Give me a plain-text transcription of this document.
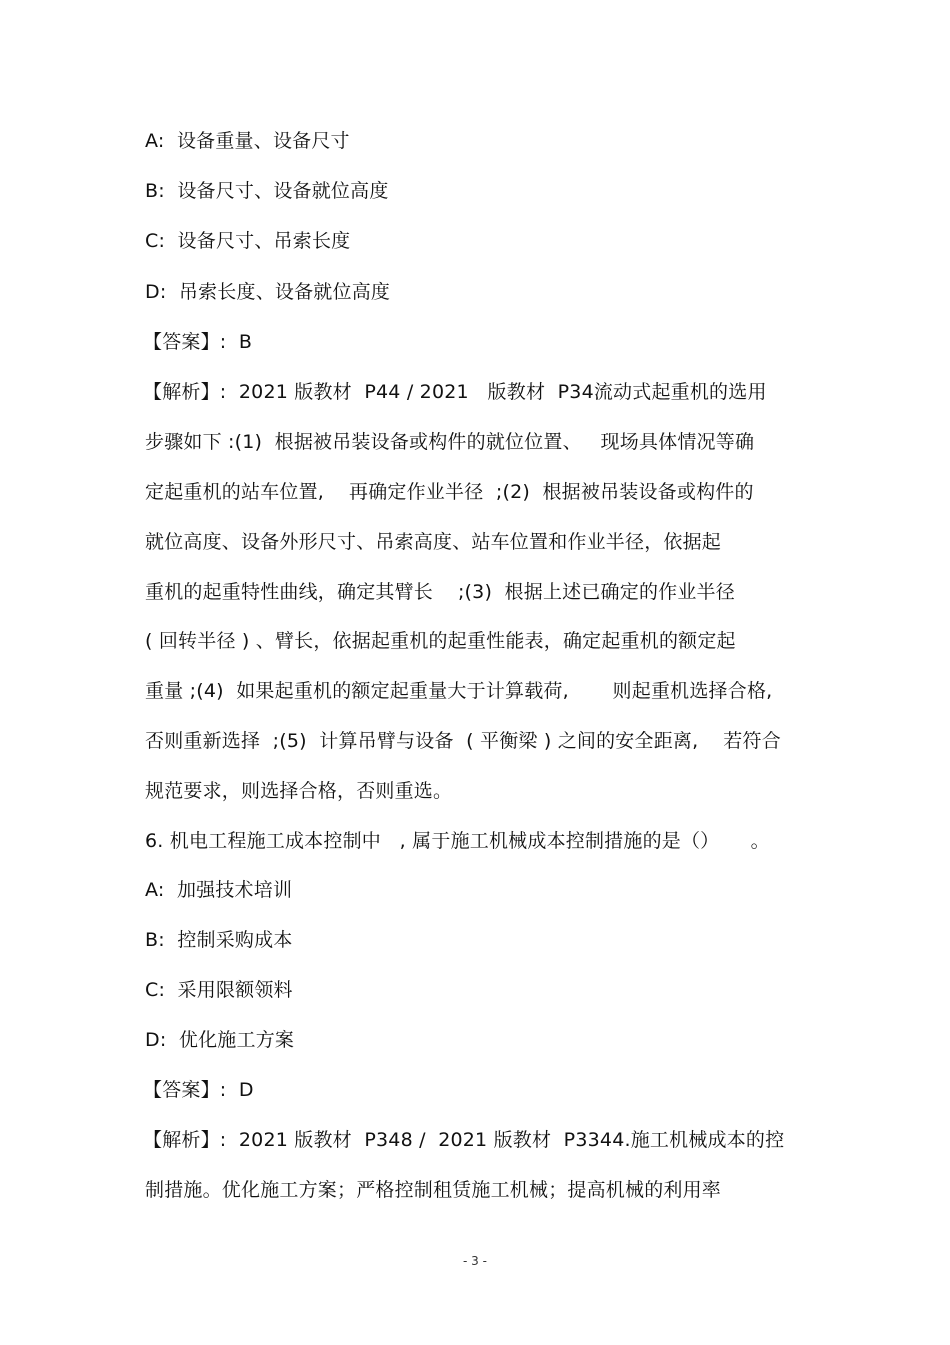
A:  设备重量、设备尺寸
B:  设备尺寸、设备就位高度
C:  设备尺寸、吊索长度
D:  吊索长度、设备就位高度
【答案】:  B
【解析】:  2021 版教材  P44 / 2021   版教材  P34流动式起重机的选用
步骤如下 :(1)  根据被吊装设备或构件的就位位置、   现场具体情况等确
定起重机的站车位置,    再确定作业半径  ;(2)  根据被吊装设备或构件的
就位高度、设备外形尺寸、吊索高度、站车位置和作业半径，依据起
重机的起重特性曲线，确定其臂长    ;(3)  根据上述已确定的作业半径
( 回转半径 ) 、臂长，依据起重机的起重性能表，确定起重机的额定起
重量 ;(4)  如果起重机的额定起重量大于计算载荷,       则起重机选择合格,
否则重新选择  ;(5)  计算吊臂与设备  ( 平衡梁 ) 之间的安全距离,    若符合
规范要求，则选择合格，否则重选。
6. 机电工程施工成本控制中   , 属于施工机械成本控制措施的是（）     。
A:  加强技术培训
B:  控制采购成本
C:  采用限额领料
D:  优化施工方案
【答案】:  D
【解析】:  2021 版教材  P348 /  2021 版教材  P3344.施工机械成本的控
制措施。优化施工方案；严格控制租赁施工机械；提高机械的利用率
- 3 -
